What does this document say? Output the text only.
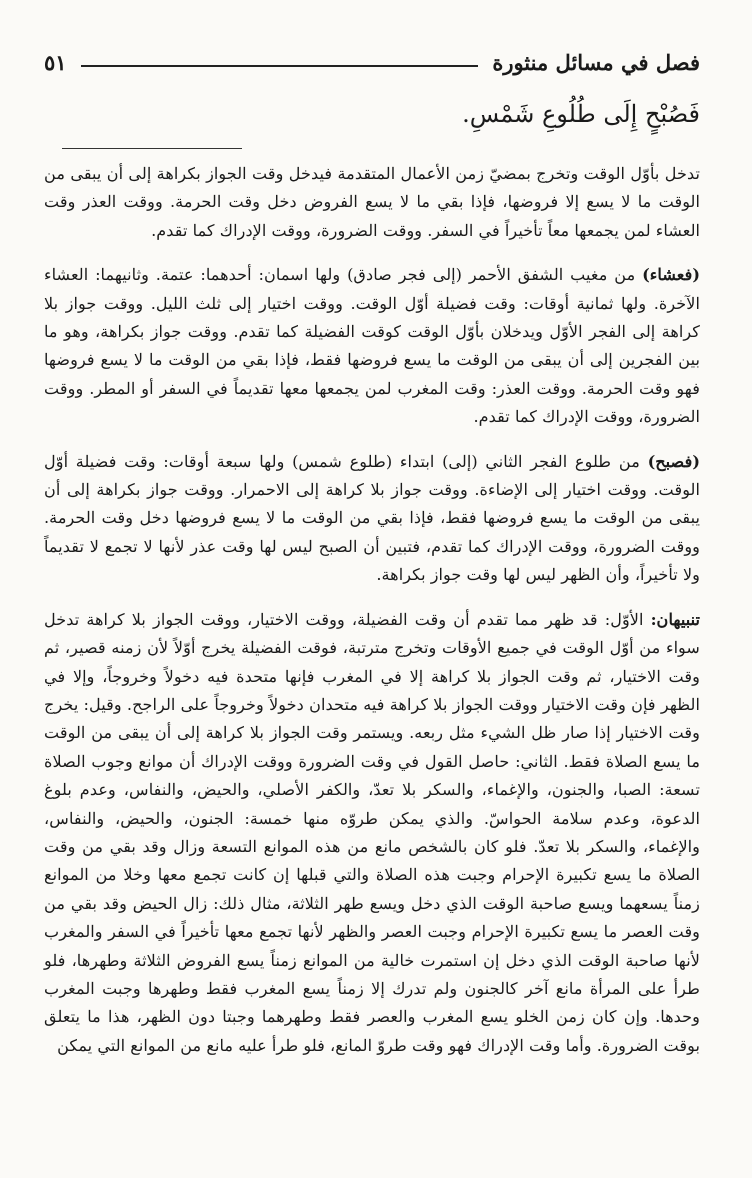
فصل في مسائل منثورة
٥١
فَصُبْحٍ إِلَى طُلُوعِ شَمْسِ.

تدخل بأوّل الوقت وتخرج بمضيّ زمن الأعمال المتقدمة فيدخل وقت الجواز بكراهة إلى أن يبقى من الوقت ما لا يسع إلا فروضها، فإذا بقي ما لا يسع الفروض دخل وقت الحرمة. ووقت العذر وقت العشاء لمن يجمعها معاً تأخيراً في السفر. ووقت الضرورة، ووقت الإدراك كما تقدم.

(فعشاء) من مغيب الشفق الأحمر (إلى فجر صادق) ولها اسمان: أحدهما: عتمة. وثانيهما: العشاء الآخرة. ولها ثمانية أوقات: وقت فضيلة أوّل الوقت. ووقت اختيار إلى ثلث الليل. ووقت جواز بلا كراهة إلى الفجر الأوّل ويدخلان بأوّل الوقت كوقت الفضيلة كما تقدم. ووقت جواز بكراهة، وهو ما بين الفجرين إلى أن يبقى من الوقت ما يسع فروضها فقط، فإذا بقي من الوقت ما لا يسع فروضها فهو وقت الحرمة. ووقت العذر: وقت المغرب لمن يجمعها معها تقديماً في السفر أو المطر. ووقت الضرورة، ووقت الإدراك كما تقدم.

(فصبح) من طلوع الفجر الثاني (إلى) ابتداء (طلوع شمس) ولها سبعة أوقات: وقت فضيلة أوّل الوقت. ووقت اختيار إلى الإضاءة. ووقت جواز بلا كراهة إلى الاحمرار. ووقت جواز بكراهة إلى أن يبقى من الوقت ما يسع فروضها فقط، فإذا بقي من الوقت ما لا يسع فروضها دخل وقت الحرمة. ووقت الضرورة، ووقت الإدراك كما تقدم، فتبين أن الصبح ليس لها وقت عذر لأنها لا تجمع لا تقديماً ولا تأخيراً، وأن الظهر ليس لها وقت جواز بكراهة.

تنبيهان: الأوّل: قد ظهر مما تقدم أن وقت الفضيلة، ووقت الاختيار، ووقت الجواز بلا كراهة تدخل سواء من أوّل الوقت في جميع الأوقات وتخرج مترتبة، فوقت الفضيلة يخرج أوّلاً لأن زمنه قصير، ثم وقت الاختيار، ثم وقت الجواز بلا كراهة إلا في المغرب فإنها متحدة فيه دخولاً وخروجاً، وإلا في الظهر فإن وقت الاختيار ووقت الجواز بلا كراهة فيه متحدان دخولاً وخروجاً على الراجح. وقيل: يخرج وقت الاختيار إذا صار ظل الشيء مثل ربعه. ويستمر وقت الجواز بلا كراهة إلى أن يبقى من الوقت ما يسع الصلاة فقط. الثاني: حاصل القول في وقت الضرورة ووقت الإدراك أن موانع وجوب الصلاة تسعة: الصبا، والجنون، والإغماء، والسكر بلا تعدّ، والكفر الأصلي، والحيض، والنفاس، وعدم بلوغ الدعوة، وعدم سلامة الحواسّ. والذي يمكن طروّه منها خمسة: الجنون، والحيض، والنفاس، والإغماء، والسكر بلا تعدّ. فلو كان بالشخص مانع من هذه الموانع التسعة وزال وقد بقي من وقت الصلاة ما يسع تكبيرة الإحرام وجبت هذه الصلاة والتي قبلها إن كانت تجمع معها وخلا من الموانع زمناً يسعهما ويسع صاحبة الوقت الذي دخل ويسع طهر الثلاثة، مثال ذلك: زال الحيض وقد بقي من وقت العصر ما يسع تكبيرة الإحرام وجبت العصر والظهر لأنها تجمع معها تأخيراً في السفر والمغرب لأنها صاحبة الوقت الذي دخل إن استمرت خالية من الموانع زمناً يسع الفروض الثلاثة وطهرها، فلو طرأ على المرأة مانع آخر كالجنون ولم تدرك إلا زمناً يسع المغرب فقط وطهرها وجبت المغرب وحدها. وإن كان زمن الخلو يسع المغرب والعصر فقط وطهرهما وجبتا دون الظهر، هذا ما يتعلق بوقت الضرورة. وأما وقت الإدراك فهو وقت طروّ المانع، فلو طرأ عليه مانع من الموانع التي يمكن
